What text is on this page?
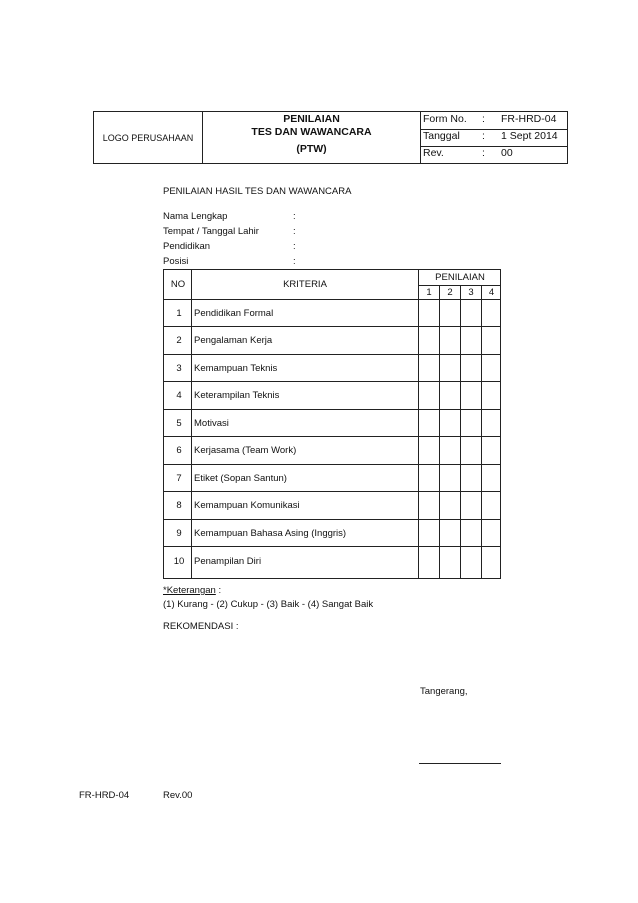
LOGO PERUSAHAAN
PENILAIAN
TES DAN WAWANCARA
(PTW)
Form No. : FR-HRD-04
Tanggal : 1 Sept 2014
Rev.	: 00
PENILAIAN HASIL TES DAN WAWANCARA
Nama Lengkap	:
Tempat / Tanggal Lahir	:
Pendidikan	:
Posisi	:
NO	KRITERIA
PENILAIAN
1	2	3	4
1	Pendidikan Formal
2	Pengalaman Kerja
3	Kemampuan Teknis
4	Keterampilan Teknis
5	Motivasi
6	Kerjasama (Team Work)
7	Etiket (Sopan Santun)
8	Kemampuan Komunikasi
9	Kemampuan Bahasa Asing (Inggris)
10	Penampilan Diri
*Keterangan :
(1) Kurang - (2) Cukup - (3) Baik - (4) Sangat Baik
REKOMENDASI :
Tangerang,
FR-HRD-04	Rev.00
